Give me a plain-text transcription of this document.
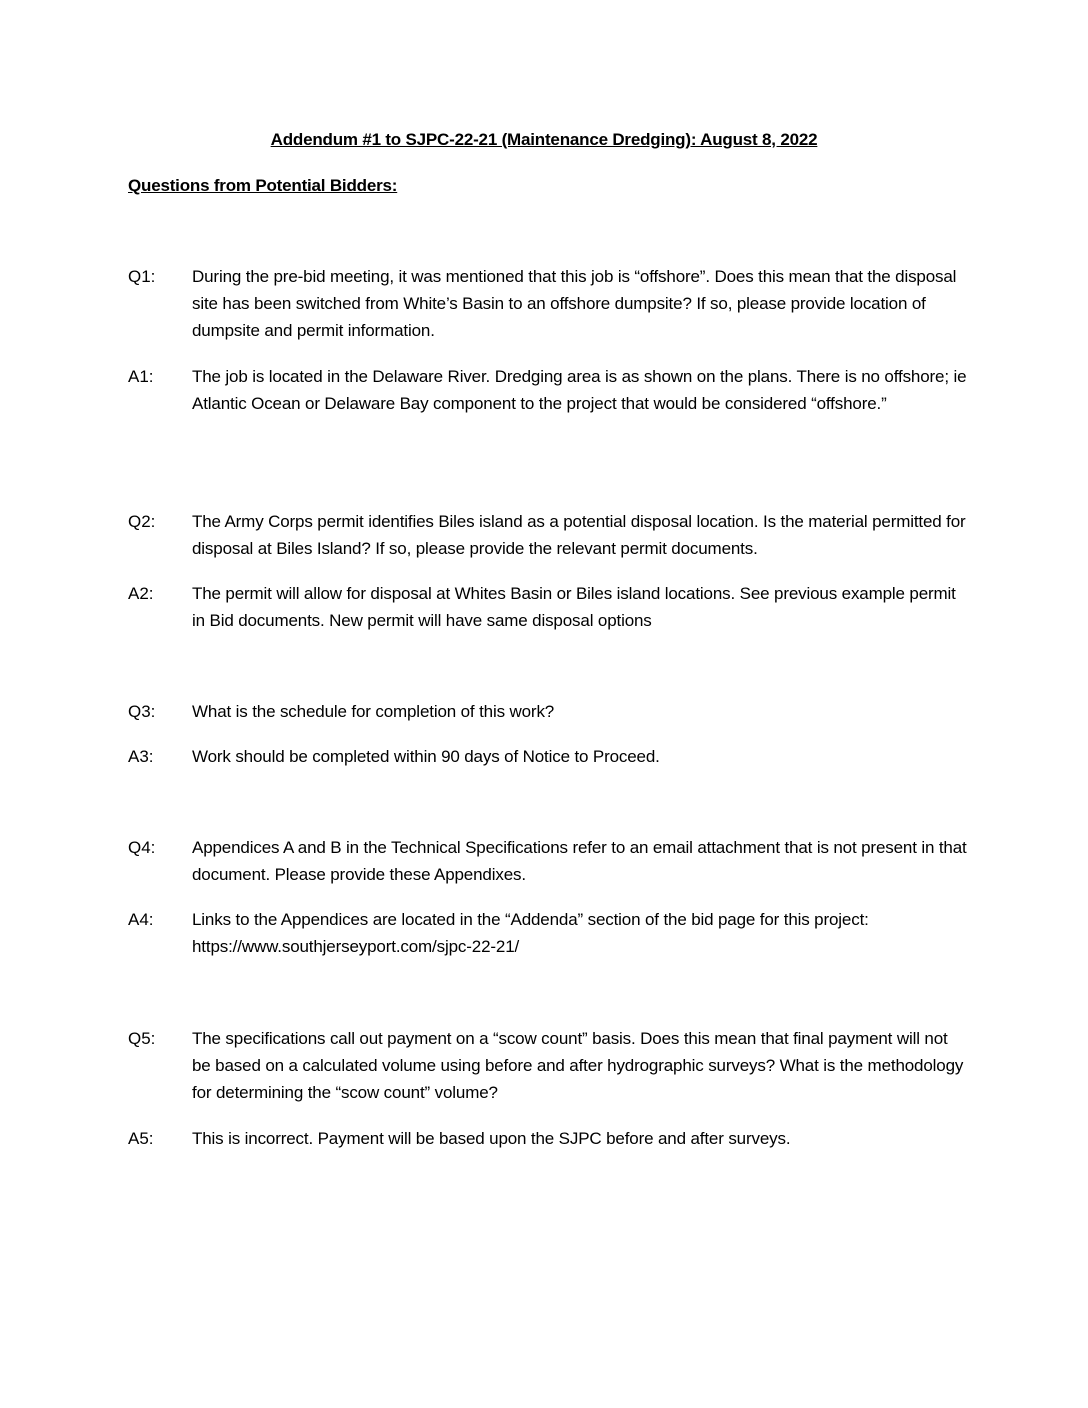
Addendum #1 to SJPC-22-21 (Maintenance Dredging): August 8, 2022
Questions from Potential Bidders:
Q1:	During the pre-bid meeting, it was mentioned that this job is “offshore”. Does this mean that the disposal site has been switched from White’s Basin to an offshore dumpsite? If so, please provide location of dumpsite and permit information.
A1:	The job is located in the Delaware River. Dredging area is as shown on the plans. There is no offshore; ie Atlantic Ocean or Delaware Bay component to the project that would be considered “offshore.”
Q2:	The Army Corps permit identifies Biles island as a potential disposal location. Is the material permitted for disposal at Biles Island? If so, please provide the relevant permit documents.
A2:	The permit will allow for disposal at Whites Basin or Biles island locations. See previous example permit in Bid documents. New permit will have same disposal options
Q3:	What is the schedule for completion of this work?
A3:	Work should be completed within 90 days of Notice to Proceed.
Q4:	Appendices A and B in the Technical Specifications refer to an email attachment that is not present in that document. Please provide these Appendixes.
A4:	Links to the Appendices are located in the “Addenda” section of the bid page for this project: https://www.southjerseyport.com/sjpc-22-21/
Q5:	The specifications call out payment on a “scow count” basis. Does this mean that final payment will not be based on a calculated volume using before and after hydrographic surveys? What is the methodology for determining the “scow count” volume?
A5:	This is incorrect. Payment will be based upon the SJPC before and after surveys.
